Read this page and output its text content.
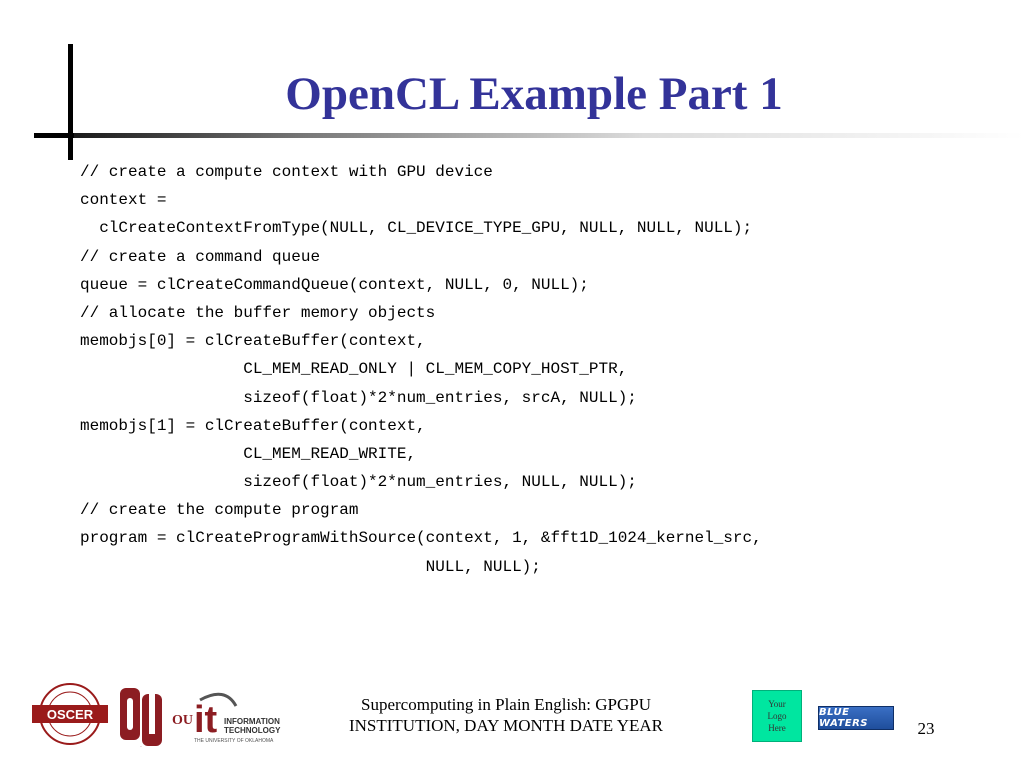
OpenCL Example Part 1
// create a compute context with GPU device
context =
clCreateContextFromType(NULL, CL_DEVICE_TYPE_GPU, NULL, NULL, NULL);
// create a command queue
queue = clCreateCommandQueue(context, NULL, 0, NULL);
// allocate the buffer memory objects
memobjs[0] = clCreateBuffer(context,
CL_MEM_READ_ONLY | CL_MEM_COPY_HOST_PTR,
sizeof(float)*2*num_entries, srcA, NULL);
memobjs[1] = clCreateBuffer(context,
CL_MEM_READ_WRITE,
sizeof(float)*2*num_entries, NULL, NULL);
// create the compute program
program = clCreateProgramWithSource(context, 1, &fft1D_1024_kernel_src,
NULL, NULL);
OSCER
OU
OU it INFORMATION
TECHNOLOGY
THE UNIVERSITY OF OKLAHOMA
Supercomputing in Plain English: GPGPU
INSTITUTION, DAY MONTH DATE YEAR
Your
Logo
Here
BLUE WATERS	23
